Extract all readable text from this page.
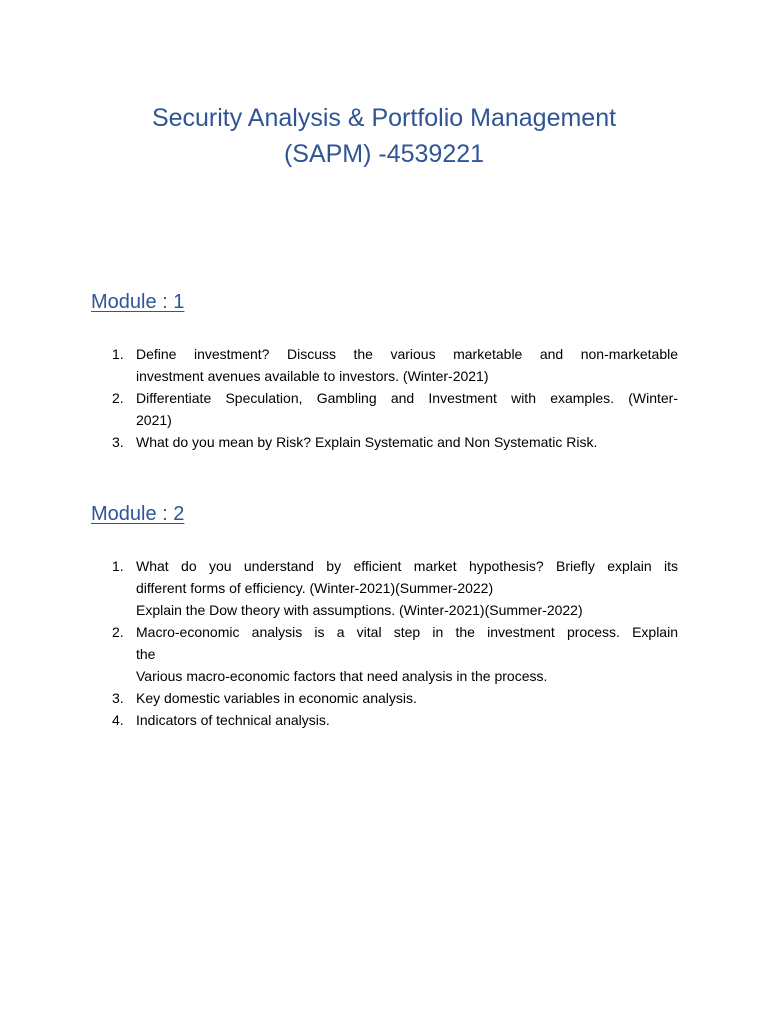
Security Analysis & Portfolio Management
(SAPM) -4539221
Module : 1
1. Define investment? Discuss the various marketable and non-marketable
investment avenues available to investors. (Winter-2021)
2. Differentiate Speculation, Gambling and Investment with examples. (Winter-
2021)
3. What do you mean by Risk? Explain Systematic and Non Systematic Risk.
Module : 2
1. What do you understand by efficient market hypothesis? Briefly explain its
different forms of efficiency. (Winter-2021)(Summer-2022)
Explain the Dow theory with assumptions. (Winter-2021)(Summer-2022)
2. Macro-economic analysis is a vital step in the investment process. Explain
the
Various macro-economic factors that need analysis in the process.
3. Key domestic variables in economic analysis.
4. Indicators of technical analysis.
